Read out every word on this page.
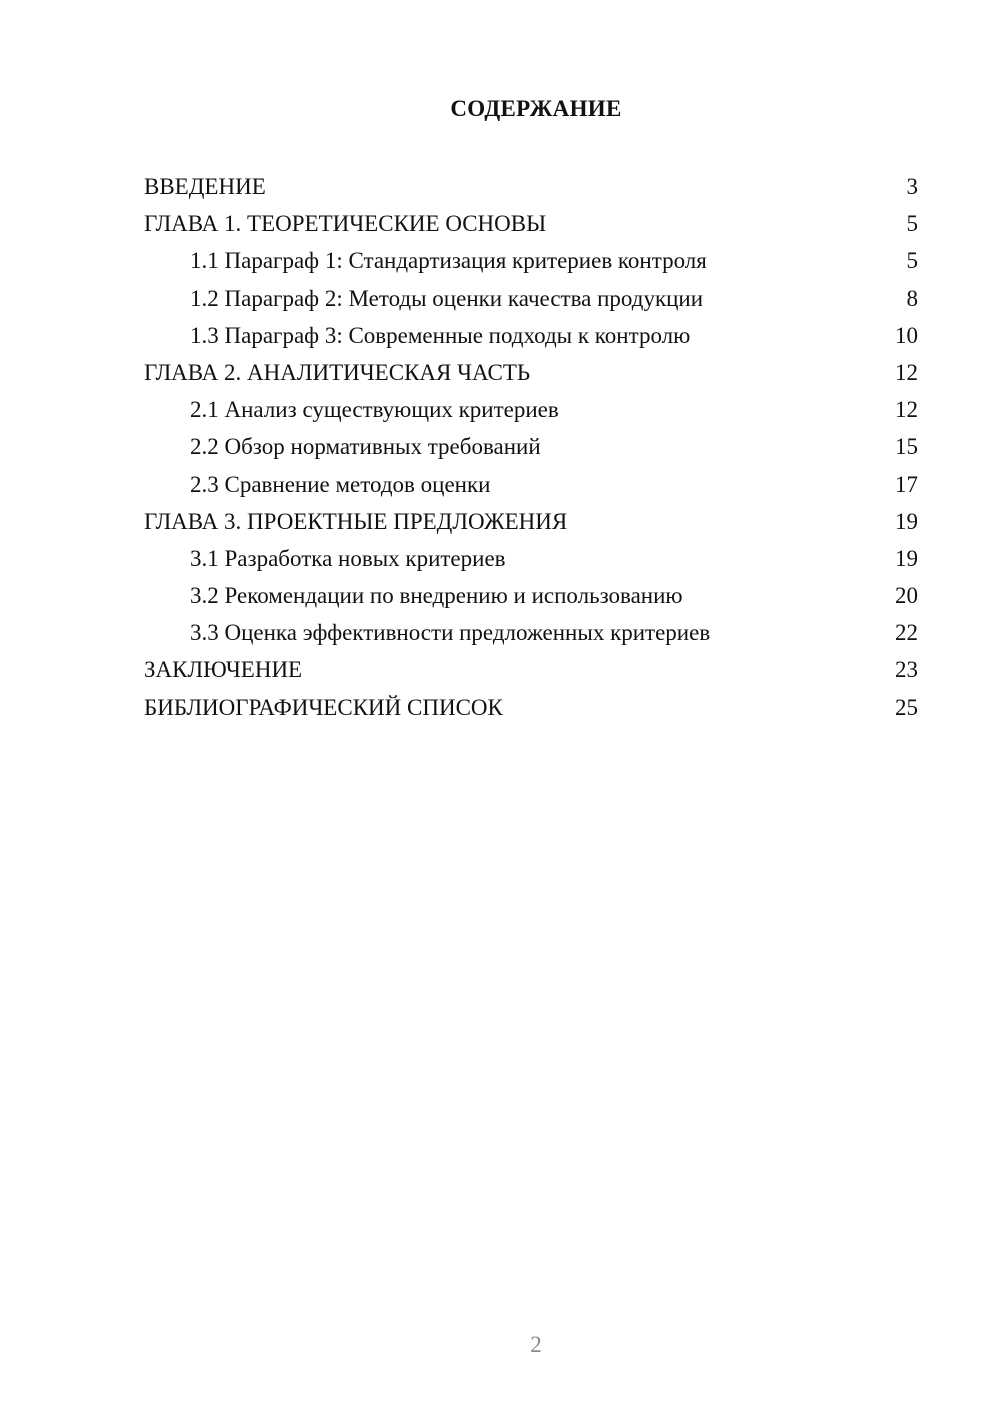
СОДЕРЖАНИЕ
ВВЕДЕНИЕ	3
ГЛАВА 1. ТЕОРЕТИЧЕСКИЕ ОСНОВЫ	5
1.1 Параграф 1: Стандартизация критериев контроля	5
1.2 Параграф 2: Методы оценки качества продукции	8
1.3 Параграф 3: Современные подходы к контролю	10
ГЛАВА 2. АНАЛИТИЧЕСКАЯ ЧАСТЬ	12
2.1 Анализ существующих критериев	12
2.2 Обзор нормативных требований	15
2.3 Сравнение методов оценки	17
ГЛАВА 3. ПРОЕКТНЫЕ ПРЕДЛОЖЕНИЯ	19
3.1 Разработка новых критериев	19
3.2 Рекомендации по внедрению и использованию	20
3.3 Оценка эффективности предложенных критериев	22
ЗАКЛЮЧЕНИЕ	23
БИБЛИОГРАФИЧЕСКИЙ СПИСОК	25
2
